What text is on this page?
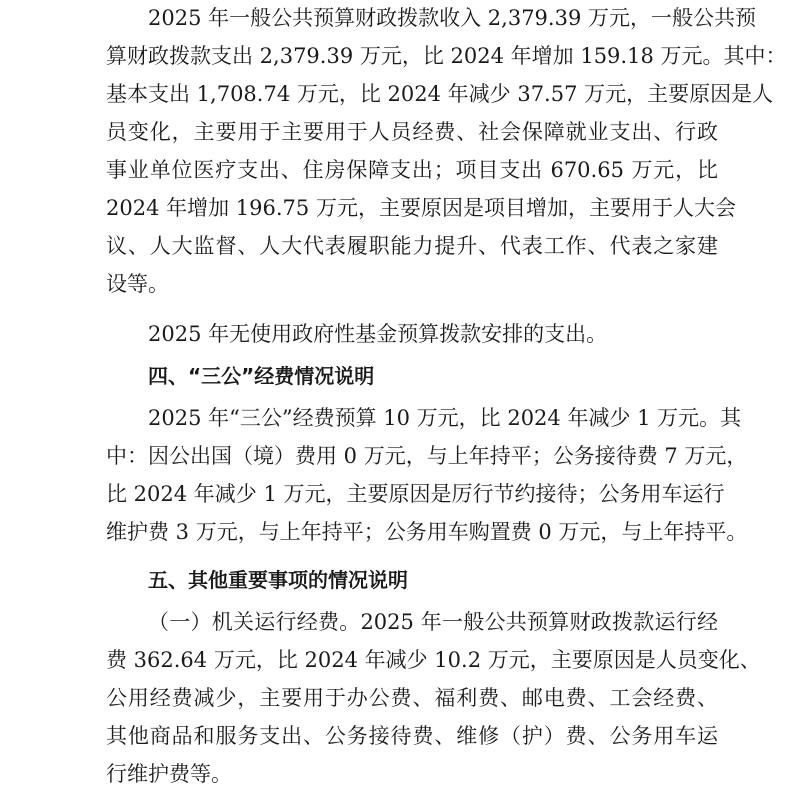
2025 年一般公共预算财政拨款收入 2,379.39 万元，一般公共预
算财政拨款支出 2,379.39 万元，比 2024 年增加 159.18 万元。其中：
基本支出 1,708.74 万元，比 2024 年减少 37.57 万元，主要原因是人
员变化，主要用于主要用于人员经费、社会保障就业支出、行政
事业单位医疗支出、住房保障支出；项目支出 670.65 万元，比
2024 年增加 196.75 万元，主要原因是项目增加，主要用于人大会
议、人大监督、人大代表履职能力提升、代表工作、代表之家建
设等。
2025 年无使用政府性基金预算拨款安排的支出。
四、“三公”经费情况说明
2025 年“三公”经费预算 10 万元，比 2024 年减少 1 万元。其
中：因公出国（境）费用 0 万元，与上年持平；公务接待费 7 万元，
比 2024 年减少 1 万元，主要原因是厉行节约接待；公务用车运行
维护费 3 万元，与上年持平；公务用车购置费 0 万元，与上年持平。
五、其他重要事项的情况说明
（一）机关运行经费。2025 年一般公共预算财政拨款运行经
费 362.64 万元，比 2024 年减少 10.2 万元，主要原因是人员变化、
公用经费减少，主要用于办公费、福利费、邮电费、工会经费、
其他商品和服务支出、公务接待费、维修（护）费、公务用车运
行维护费等。
